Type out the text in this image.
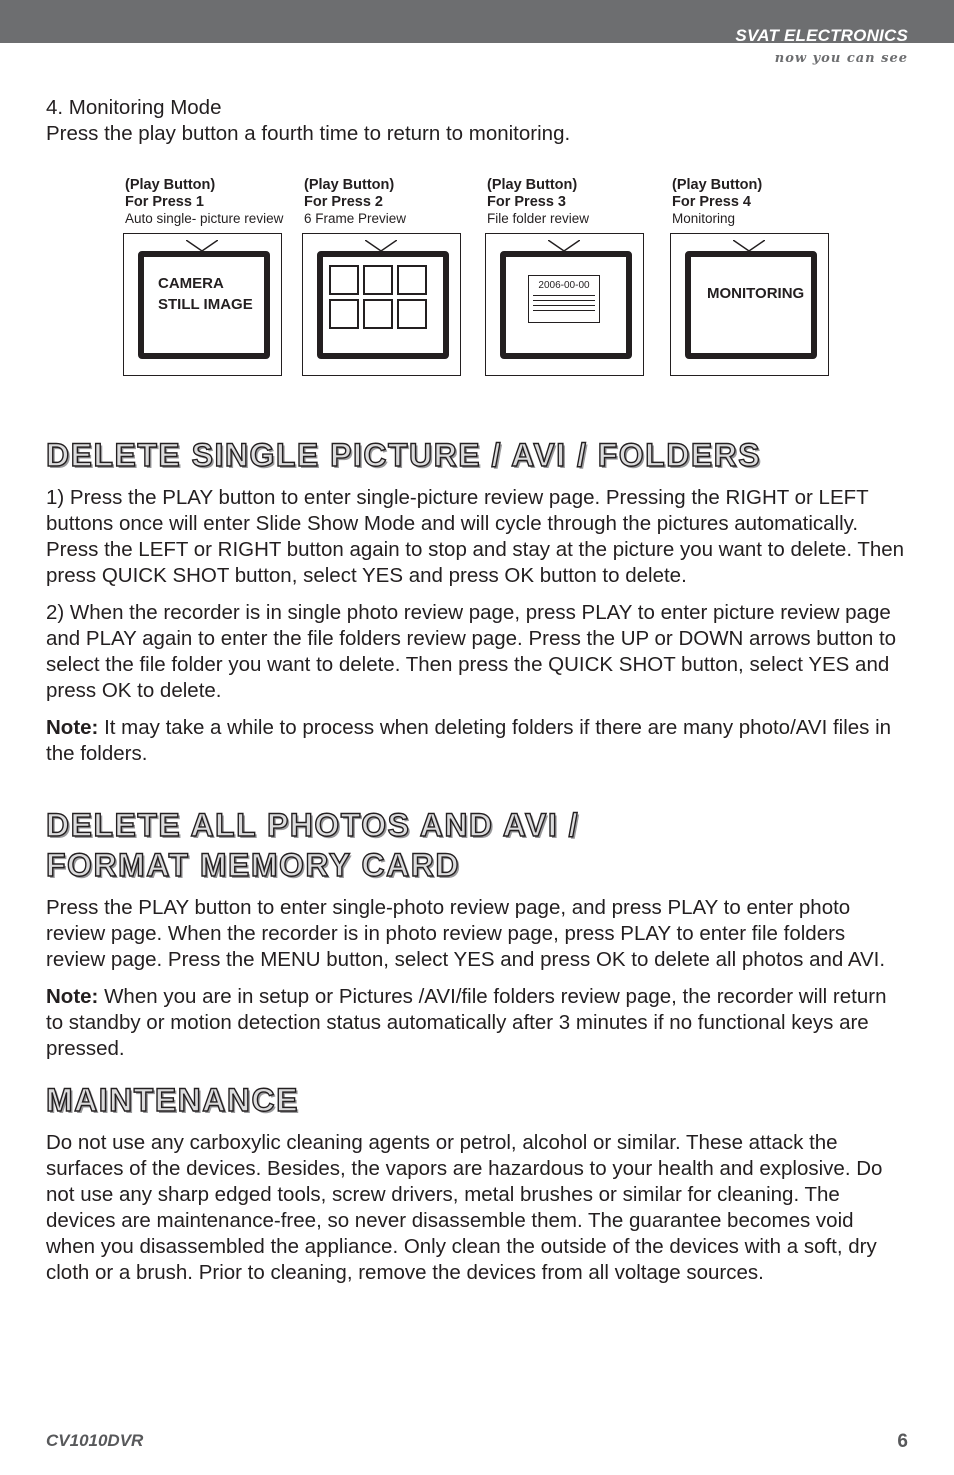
SVAT ELECTRONICS
now you can see

4. Monitoring Mode

Press the play button a fourth time to return to monitoring.

(Play Button)
For Press 1
Auto single- picture review
CAMERA
STILL IMAGE
(Play Button)
For Press 2
6 Frame Preview
(Play Button)
For Press 3
File folder review
2006-00-00
(Play Button)
For Press 4
Monitoring
MONITORING
DELETE SINGLE PICTURE / AVI / FOLDERS

1) Press the PLAY button to enter single-picture review page. Pressing the RIGHT or LEFT buttons once will enter Slide Show Mode and will cycle through the pictures automatically. Press the LEFT or RIGHT button again to stop and stay at the picture you want to delete. Then press QUICK SHOT button, select YES and press OK button to delete.

2) When the recorder is in single photo review page, press PLAY to enter picture review page and PLAY again to enter the file folders review page. Press the UP or DOWN arrows button to select the file folder you want to delete. Then press the QUICK SHOT button, select YES and press OK to delete.

Note: It may take a while to process when deleting folders if there are many photo/AVI files in the folders.

DELETE ALL PHOTOS AND AVI /
FORMAT MEMORY CARD

Press the PLAY button to enter single-photo review page, and press PLAY to enter photo review page. When the recorder is in photo review page, press PLAY to enter file folders review page. Press the MENU button, select YES and press OK to delete all photos and AVI.

Note: When you are in setup or Pictures /AVI/file folders review page, the recorder will return to standby or motion detection status automatically after 3 minutes if no functional keys are pressed.

MAINTENANCE

Do not use any carboxylic cleaning agents or petrol, alcohol or similar. These attack the surfaces of the devices. Besides, the vapors are hazardous to your health and explosive. Do not use any sharp edged tools, screw drivers, metal brushes or similar for cleaning. The devices are maintenance-free, so never disassemble them. The guarantee becomes void when you disassembled the appliance. Only clean the outside of the devices with a soft, dry cloth or a brush. Prior to cleaning, remove the devices from all voltage sources.

CV1010DVR	6
